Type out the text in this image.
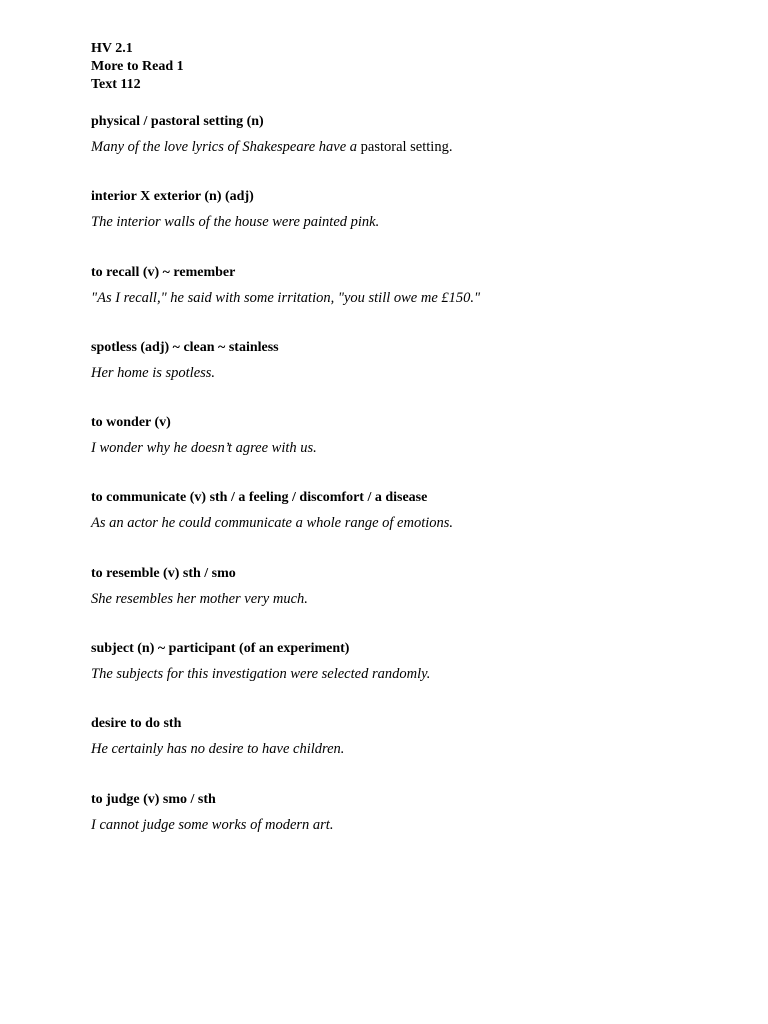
HV 2.1

More to Read 1

Text 112

physical / pastoral setting (n)

Many of the love lyrics of Shakespeare have a pastoral setting.

interior X exterior (n) (adj)

The interior walls of the house were painted pink.

to recall (v) ~ remember

"As I recall," he said with some irritation, "you still owe me £150."

spotless (adj) ~ clean ~ stainless

Her home is spotless.

to wonder (v)

I wonder why he doesn’t agree with us.

to communicate (v) sth / a feeling / discomfort / a disease

As an actor he could communicate a whole range of emotions.

to resemble (v) sth / smo

She resembles her mother very much.

subject (n) ~ participant (of an experiment)

The subjects for this investigation were selected randomly.

desire to do sth

He certainly has no desire to have children.

to judge (v) smo / sth

I cannot judge some works of modern art.
